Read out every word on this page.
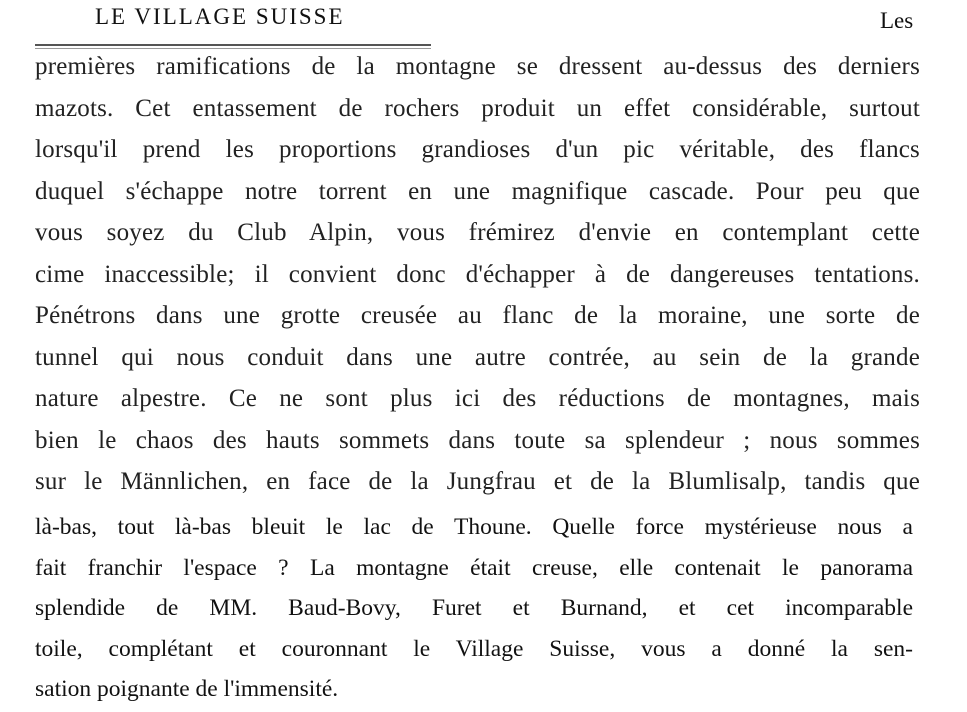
LE VILLAGE SUISSE	Les
premières ramifications de la montagne se dressent au-dessus des derniers
mazots. Cet entassement de rochers produit un effet considérable, surtout
lorsqu'il prend les proportions grandioses d'un pic véritable, des flancs
duquel s'échappe notre torrent en une magnifique cascade. Pour peu que
vous soyez du Club Alpin, vous frémirez d'envie en contemplant cette
cime inaccessible; il convient donc d'échapper à de dangereuses tentations.
Pénétrons dans une grotte creusée au flanc de la moraine, une sorte de
tunnel qui nous conduit dans une autre contrée, au sein de la grande
nature alpestre. Ce ne sont plus ici des réductions de montagnes, mais
bien le chaos des hauts sommets dans toute sa splendeur ; nous sommes
sur le Männlichen, en face de la Jungfrau et de la Blumlisalp, tandis que
là-bas, tout là-bas bleuit le lac de Thoune. Quelle force mystérieuse nous a
fait franchir l'espace ? La montagne était creuse, elle contenait le panorama
splendide de MM. Baud-Bovy, Furet et Burnand, et cet incomparable
toile, complétant et couronnant le Village Suisse, vous a donné la sen-
sation poignante de l'immensité.
